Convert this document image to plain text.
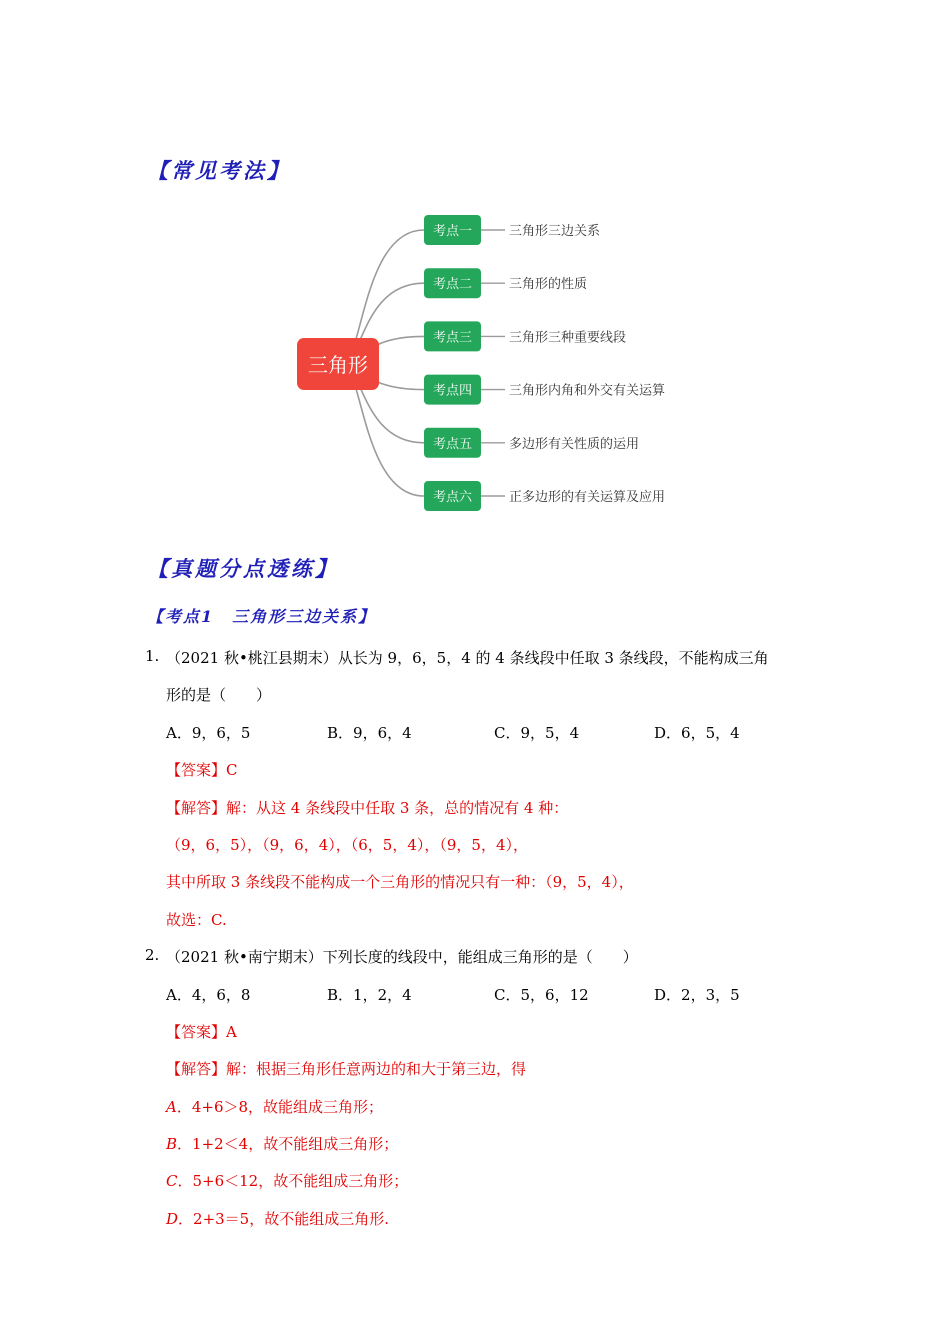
【常见考法】
三角形
考点一	三角形三边关系
考点二	三角形的性质
考点三	三角形三种重要线段
考点四	三角形内角和外交有关运算
考点五	多边形有关性质的运用
考点六	正多边形的有关运算及应用
【真题分点透练】
【考点1　三角形三边关系】
1. （2021 秋•桃江县期末）从长为 9，6，5，4 的 4 条线段中任取 3 条线段，不能构成三角
形的是（　　）
A．9，6，5	B．9，6，4	C．9，5，4	D．6，5，4
【答案】C
【解答】解：从这 4 条线段中任取 3 条，总的情况有 4 种：
（9，6，5），（9，6，4），（6，5，4），（9，5，4），
其中所取 3 条线段不能构成一个三角形的情况只有一种：（9，5，4），
故选：C.
2. （2021 秋•南宁期末）下列长度的线段中，能组成三角形的是（　　）
A．4，6，8	B．1，2，4	C．5，6，12	D．2，3，5
【答案】A
【解答】解：根据三角形任意两边的和大于第三边，得
A．4+6＞8，故能组成三角形；
B．1+2＜4，故不能组成三角形；
C．5+6＜12，故不能组成三角形；
D．2+3＝5，故不能组成三角形.
